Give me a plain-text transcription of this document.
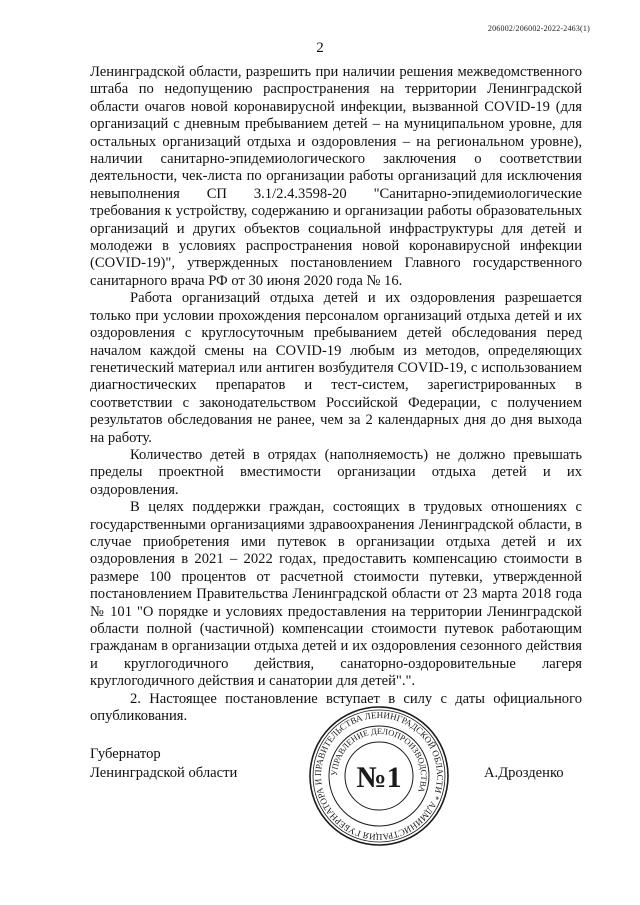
206002/206002-2022-2463(1)
2

Ленинградской области, разрешить при наличии решения межведомственного штаба по недопущению распространения на территории Ленинградской области очагов новой коронавирусной инфекции, вызванной COVID-19 (для организаций с дневным пребыванием детей – на муниципальном уровне, для остальных организаций отдыха и оздоровления – на региональном уровне), наличии санитарно-эпидемиологического заключения о соответствии деятельности, чек-листа по организации работы организаций для исключения невыполнения СП 3.1/2.4.3598-20 "Санитарно-эпидемиологические требования к устройству, содержанию и организации работы образовательных организаций и других объектов социальной инфраструктуры для детей и молодежи в условиях распространения новой коронавирусной инфекции (COVID-19)", утвержденных постановлением Главного государственного санитарного врача РФ от 30 июня 2020 года № 16.

Работа организаций отдыха детей и их оздоровления разрешается только при условии прохождения персоналом организаций отдыха детей и их оздоровления с круглосуточным пребыванием детей обследования перед началом каждой смены на COVID-19 любым из методов, определяющих генетический материал или антиген возбудителя COVID-19, с использованием диагностических препаратов и тест-систем, зарегистрированных в соответствии с законодательством Российской Федерации, с получением результатов обследования не ранее, чем за 2 календарных дня до дня выхода на работу.

Количество детей в отрядах (наполняемость) не должно превышать пределы проектной вместимости организации отдыха детей и их оздоровления.

В целях поддержки граждан, состоящих в трудовых отношениях с государственными организациями здравоохранения Ленинградской области, в случае приобретения ими путевок в организации отдыха детей и их оздоровления в 2021 – 2022 годах, предоставить компенсацию стоимости в размере 100 процентов от расчетной стоимости путевки, утвержденной постановлением Правительства Ленинградской области от 23 марта 2018 года № 101 "О порядке и условиях предоставления на территории Ленинградской области полной (частичной) компенсации стоимости путевок работающим гражданам в организации отдыха детей и их оздоровления сезонного действия и круглогодичного действия, санаторно-оздоровительные лагеря круглогодичного действия и санатории для детей".".

2. Настоящее постановление вступает в силу с даты официального опубликования.

Губернатор
Ленинградской области	А.Дрозденко
ПРАВИТЕЛЬСТВА ЛЕНИНГРАДСКОЙ ОБЛАСТИ * АДМИНИСТРАЦИЯ ГУБЕРНАТОРА И
УПРАВЛЕНИЕ ДЕЛОПРОИЗВОДСТВА
№1
